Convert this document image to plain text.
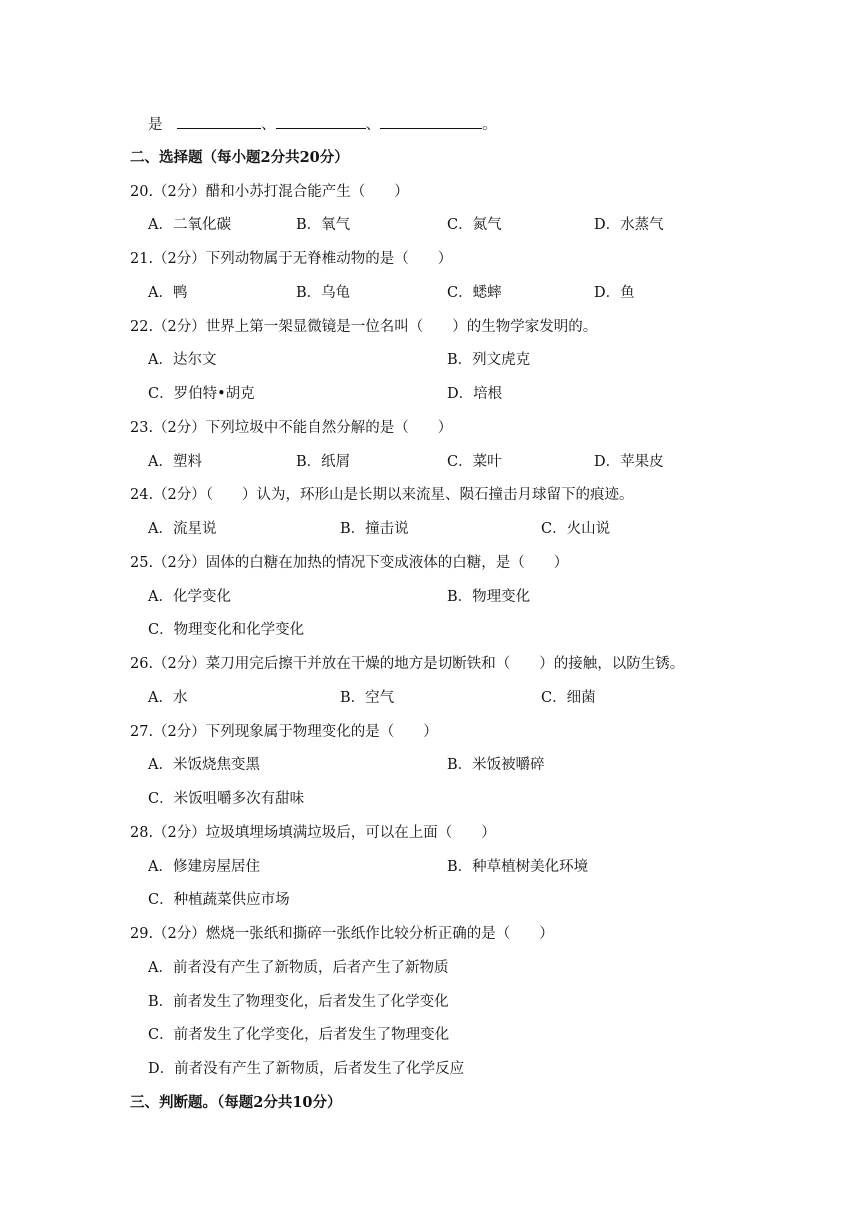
是	、	、	。
二、选择题（每小题2分共20分）
20.（2分）醋和小苏打混合能产生（　　）
A．二氧化碳	B．氧气	C．氮气	D．水蒸气
21.（2分）下列动物属于无脊椎动物的是（　　）
A．鸭	B．乌龟	C．蟋蟀	D．鱼
22.（2分）世界上第一架显微镜是一位名叫（　　）的生物学家发明的。
A．达尔文	B．列文虎克
C．罗伯特•胡克	D．培根
23.（2分）下列垃圾中不能自然分解的是（　　）
A．塑料	B．纸屑	C．菜叶	D．苹果皮
24.（2分）（　　）认为，环形山是长期以来流星、陨石撞击月球留下的痕迹。
A．流星说	B．撞击说	C．火山说
25.（2分）固体的白糖在加热的情况下变成液体的白糖，是（　　）
A．化学变化	B．物理变化
C．物理变化和化学变化
26.（2分）菜刀用完后擦干并放在干燥的地方是切断铁和（　　）的接触，以防生锈。
A．水	B．空气	C．细菌
27.（2分）下列现象属于物理变化的是（　　）
A．米饭烧焦变黑	B．米饭被嚼碎
C．米饭咀嚼多次有甜味
28.（2分）垃圾填埋场填满垃圾后，可以在上面（　　）
A．修建房屋居住	B．种草植树美化环境
C．种植蔬菜供应市场
29.（2分）燃烧一张纸和撕碎一张纸作比较分析正确的是（　　）
A．前者没有产生了新物质，后者产生了新物质
B．前者发生了物理变化，后者发生了化学变化
C．前者发生了化学变化，后者发生了物理变化
D．前者没有产生了新物质，后者发生了化学反应
三、判断题。（每题2分共10分）
